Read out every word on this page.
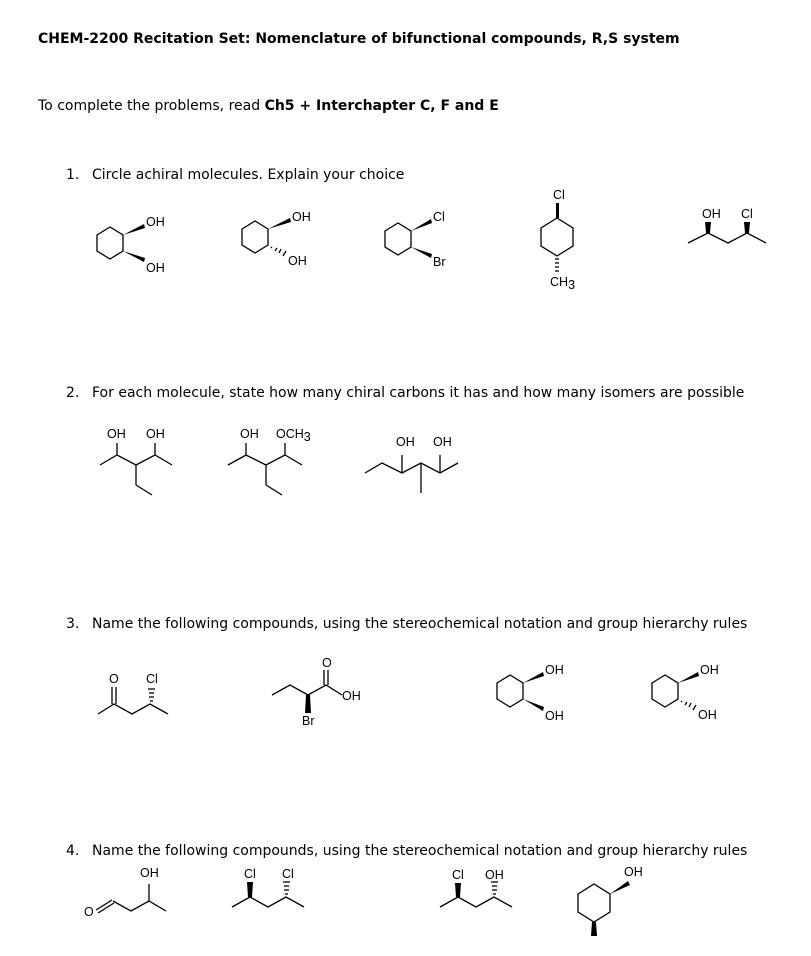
CHEM-2200 Recitation Set: Nomenclature of bifunctional compounds, R,S system
To complete the problems, read Ch5 + Interchapter C, F and E
1. Circle achiral molecules. Explain your choice
2. For each molecule, state how many chiral carbons it has and how many isomers are possible
3. Name the following compounds, using the stereochemical notation and group hierarchy rules
4. Name the following compounds, using the stereochemical notation and group hierarchy rules
OH
OH
OH
OH
Cl
Br
Cl
CH3
OH Cl
OH OH	OH OCH3	OH OH
O Cl
O
OH
Br
OH
OH
OH
OH
O
OH	Cl Cl	Cl OH	OH
